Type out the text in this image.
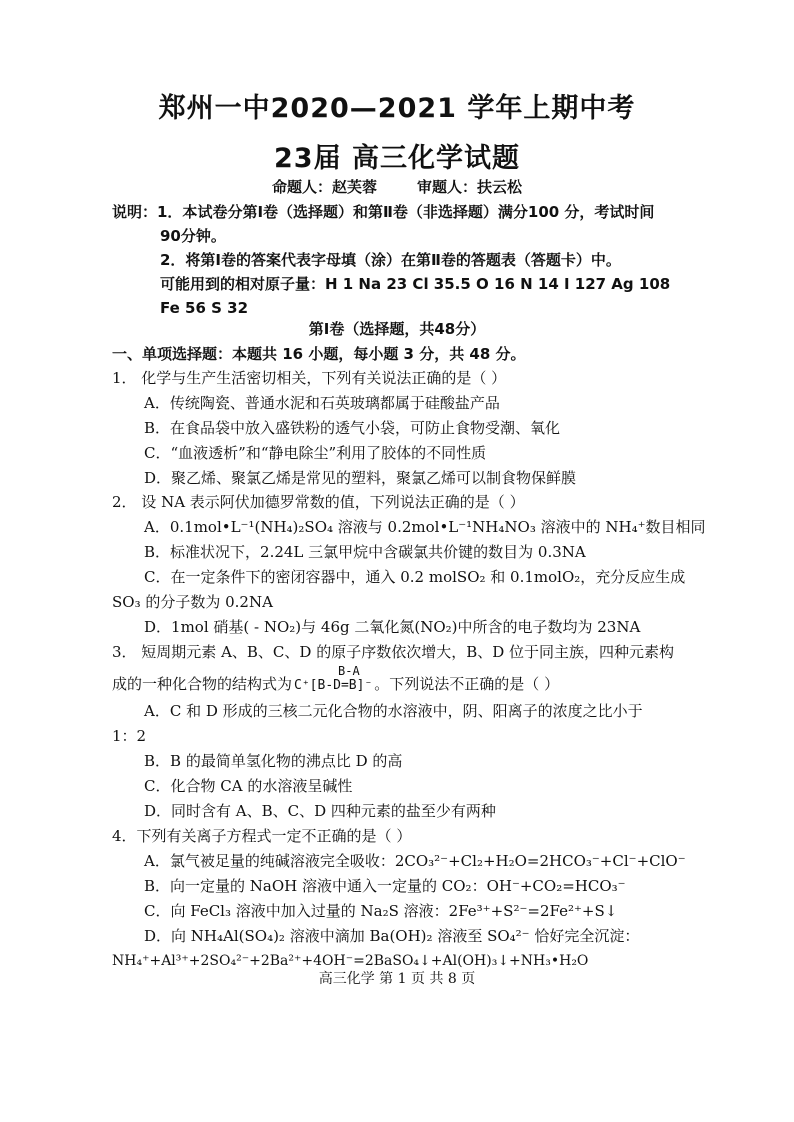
郑州一中2020—2021 学年上期中考
23届 高三化学试题
命题人：赵芙蓉	审题人：扶云松
说明：1．本试卷分第Ⅰ卷（选择题）和第Ⅱ卷（非选择题）满分100 分，考试时间
90分钟。
2．将第Ⅰ卷的答案代表字母填（涂）在第Ⅱ卷的答题表（答题卡）中。
可能用到的相对原子量：H 1 Na 23 Cl 35.5 O 16 N 14 I 127 Ag 108
Fe 56 S 32
第Ⅰ卷（选择题，共48分）
一、单项选择题：本题共 16 小题，每小题 3 分，共 48 分。
1． 化学与生产生活密切相关，下列有关说法正确的是（ ）
A．传统陶瓷、普通水泥和石英玻璃都属于硅酸盐产品
B．在食品袋中放入盛铁粉的透气小袋，可防止食物受潮、氧化
C．“血液透析”和“静电除尘”利用了胶体的不同性质
D．聚乙烯、聚氯乙烯是常见的塑料，聚氯乙烯可以制食物保鲜膜
2． 设 NA 表示阿伏加德罗常数的值，下列说法正确的是（ ）
A．0.1mol•L⁻¹(NH₄)₂SO₄ 溶液与 0.2mol•L⁻¹NH₄NO₃ 溶液中的 NH₄⁺数目相同
B．标准状况下，2.24L 三氯甲烷中含碳氯共价键的数目为 0.3NA
C．在一定条件下的密闭容器中，通入 0.2 molSO₂ 和 0.1molO₂，充分反应生成
SO₃ 的分子数为 0.2NA
D．1mol 硝基( - NO₂)与 46g 二氧化氮(NO₂)中所含的电子数均为 23NA
3． 短周期元素 A、B、C、D 的原子序数依次增大，B、D 位于同主族，四种元素构
成的一种化合物的结构式为
B-A
C⁺[B-D=B]⁻ 。下列说法不正确的是（ ）
A．C 和 D 形成的三核二元化合物的水溶液中，阴、阳离子的浓度之比小于
1：2
B．B 的最简单氢化物的沸点比 D 的高
C．化合物 CA 的水溶液呈碱性
D．同时含有 A、B、C、D 四种元素的盐至少有两种
4．下列有关离子方程式一定不正确的是（ ）
A．氯气被足量的纯碱溶液完全吸收：2CO₃²⁻+Cl₂+H₂O=2HCO₃⁻+Cl⁻+ClO⁻
B．向一定量的 NaOH 溶液中通入一定量的 CO₂：OH⁻+CO₂=HCO₃⁻
C．向 FeCl₃ 溶液中加入过量的 Na₂S 溶液：2Fe³⁺+S²⁻=2Fe²⁺+S↓
D．向 NH₄Al(SO₄)₂ 溶液中滴加 Ba(OH)₂ 溶液至 SO₄²⁻ 恰好完全沉淀：
NH₄⁺+Al³⁺+2SO₄²⁻+2Ba²⁺+4OH⁻=2BaSO₄↓+Al(OH)₃↓+NH₃•H₂O
高三化学 第 1 页 共 8 页
